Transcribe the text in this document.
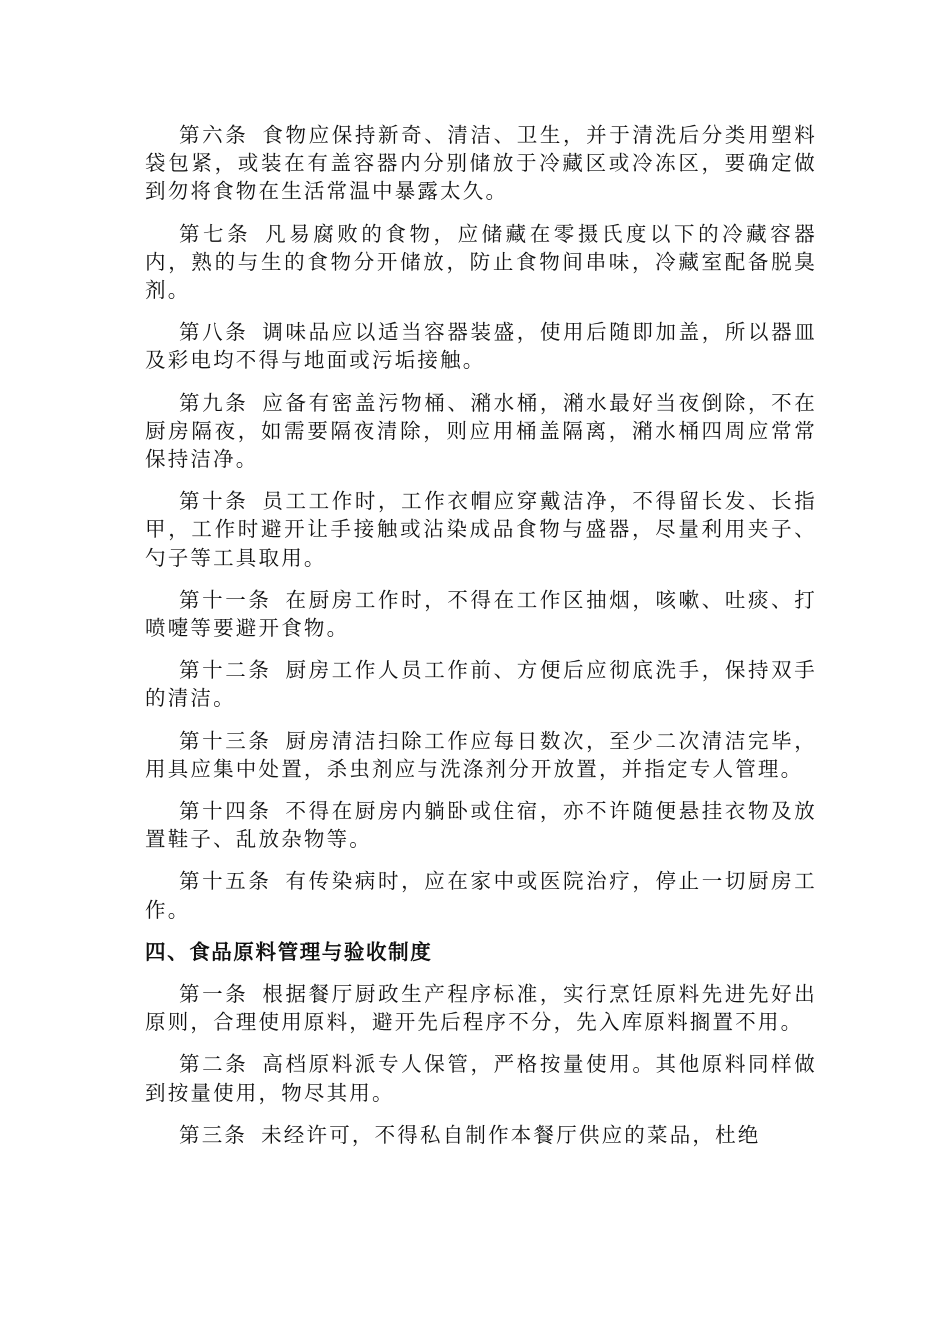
第六条 食物应保持新奇、清洁、卫生，并于清洗后分类用塑料袋包紧，或装在有盖容器内分别储放于冷藏区或冷冻区，要确定做到勿将食物在生活常温中暴露太久。

第七条 凡易腐败的食物，应储藏在零摄氏度以下的冷藏容器内，熟的与生的食物分开储放，防止食物间串味，冷藏室配备脱臭剂。

第八条 调味品应以适当容器装盛，使用后随即加盖，所以器皿及彩电均不得与地面或污垢接触。

第九条 应备有密盖污物桶、潲水桶，潲水最好当夜倒除，不在厨房隔夜，如需要隔夜清除，则应用桶盖隔离，潲水桶四周应常常保持洁净。

第十条 员工工作时，工作衣帽应穿戴洁净，不得留长发、长指甲，工作时避开让手接触或沾染成品食物与盛器，尽量利用夹子、勺子等工具取用。

第十一条 在厨房工作时，不得在工作区抽烟，咳嗽、吐痰、打喷嚏等要避开食物。

第十二条 厨房工作人员工作前、方便后应彻底洗手，保持双手的清洁。

第十三条 厨房清洁扫除工作应每日数次，至少二次清洁完毕，用具应集中处置，杀虫剂应与洗涤剂分开放置，并指定专人管理。

第十四条 不得在厨房内躺卧或住宿，亦不许随便悬挂衣物及放置鞋子、乱放杂物等。

第十五条 有传染病时，应在家中或医院治疗，停止一切厨房工作。

四、食品原料管理与验收制度

第一条 根据餐厅厨政生产程序标准，实行烹饪原料先进先好出原则，合理使用原料，避开先后程序不分，先入库原料搁置不用。

第二条 高档原料派专人保管，严格按量使用。其他原料同样做到按量使用，物尽其用。

第三条 未经许可，不得私自制作本餐厅供应的菜品，杜绝
